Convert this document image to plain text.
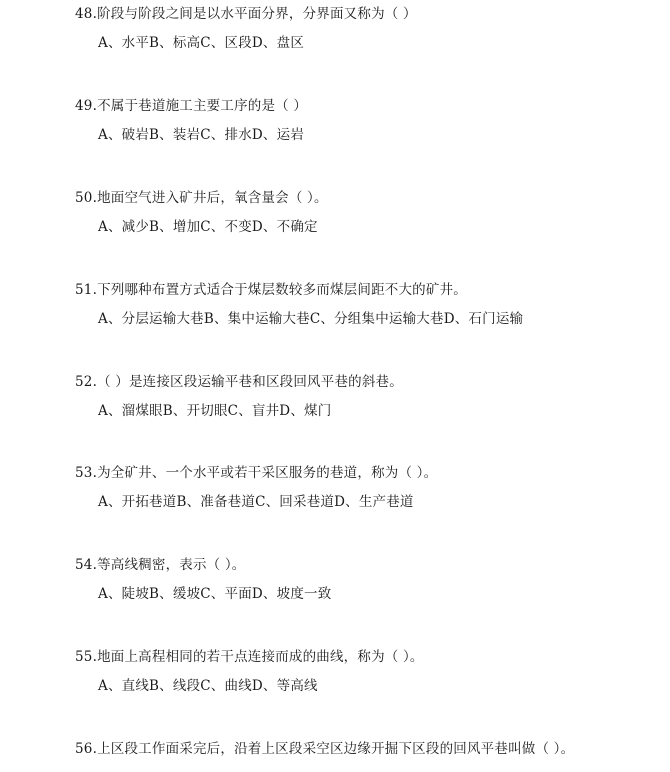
48.阶段与阶段之间是以水平面分界，分界面又称为（ ）
A、水平B、标高C、区段D、盘区
49.不属于巷道施工主要工序的是（ ）
A、破岩B、装岩C、排水D、运岩
50.地面空气进入矿井后，氧含量会（ ）。
A、减少B、增加C、不变D、不确定
51.下列哪种布置方式适合于煤层数较多而煤层间距不大的矿井。
A、分层运输大巷B、集中运输大巷C、分组集中运输大巷D、石门运输
52.（ ）是连接区段运输平巷和区段回风平巷的斜巷。
A、溜煤眼B、开切眼C、盲井D、煤门
53.为全矿井、一个水平或若干采区服务的巷道，称为（ ）。
A、开拓巷道B、准备巷道C、回采巷道D、生产巷道
54.等高线稠密，表示（ ）。
A、陡坡B、缓坡C、平面D、坡度一致
55.地面上高程相同的若干点连接而成的曲线，称为（ ）。
A、直线B、线段C、曲线D、等高线
56.上区段工作面采完后，沿着上区段采空区边缘开掘下区段的回风平巷叫做（ ）。
